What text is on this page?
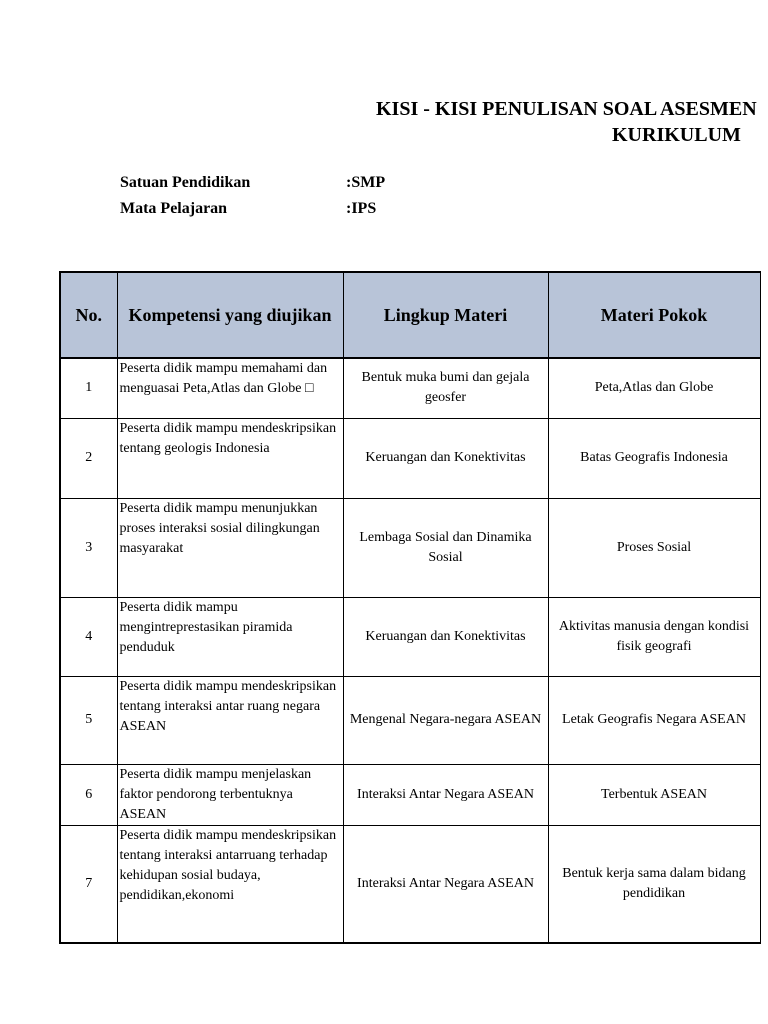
KISI - KISI PENULISAN SOAL ASESMEN
KURIKULUM
Satuan Pendidikan	:SMP
Mata Pelajaran	:IPS
No.	Kompetensi yang diujikan	Lingkup Materi	Materi Pokok
1	Peserta didik mampu memahami dan menguasai Peta,Atlas dan Globe □	Bentuk muka bumi dan gejala geosfer	Peta,Atlas dan Globe
2	Peserta didik mampu mendeskripsikan tentang geologis Indonesia	Keruangan dan Konektivitas	Batas Geografis Indonesia
3	Peserta didik mampu menunjukkan proses interaksi sosial dilingkungan masyarakat	Lembaga Sosial dan Dinamika Sosial	Proses Sosial
4	Peserta didik mampu mengintreprestasikan piramida penduduk	Keruangan dan Konektivitas	Aktivitas manusia dengan kondisi fisik geografi
5	Peserta didik mampu mendeskripsikan tentang interaksi antar ruang negara ASEAN	Mengenal Negara-negara ASEAN	Letak Geografis Negara ASEAN
6	Peserta didik mampu menjelaskan faktor pendorong terbentuknya ASEAN	Interaksi Antar Negara ASEAN	Terbentuk ASEAN
7	Peserta didik mampu mendeskripsikan tentang interaksi antarruang terhadap kehidupan sosial budaya, pendidikan,ekonomi	Interaksi Antar Negara ASEAN	Bentuk kerja sama dalam bidang pendidikan
